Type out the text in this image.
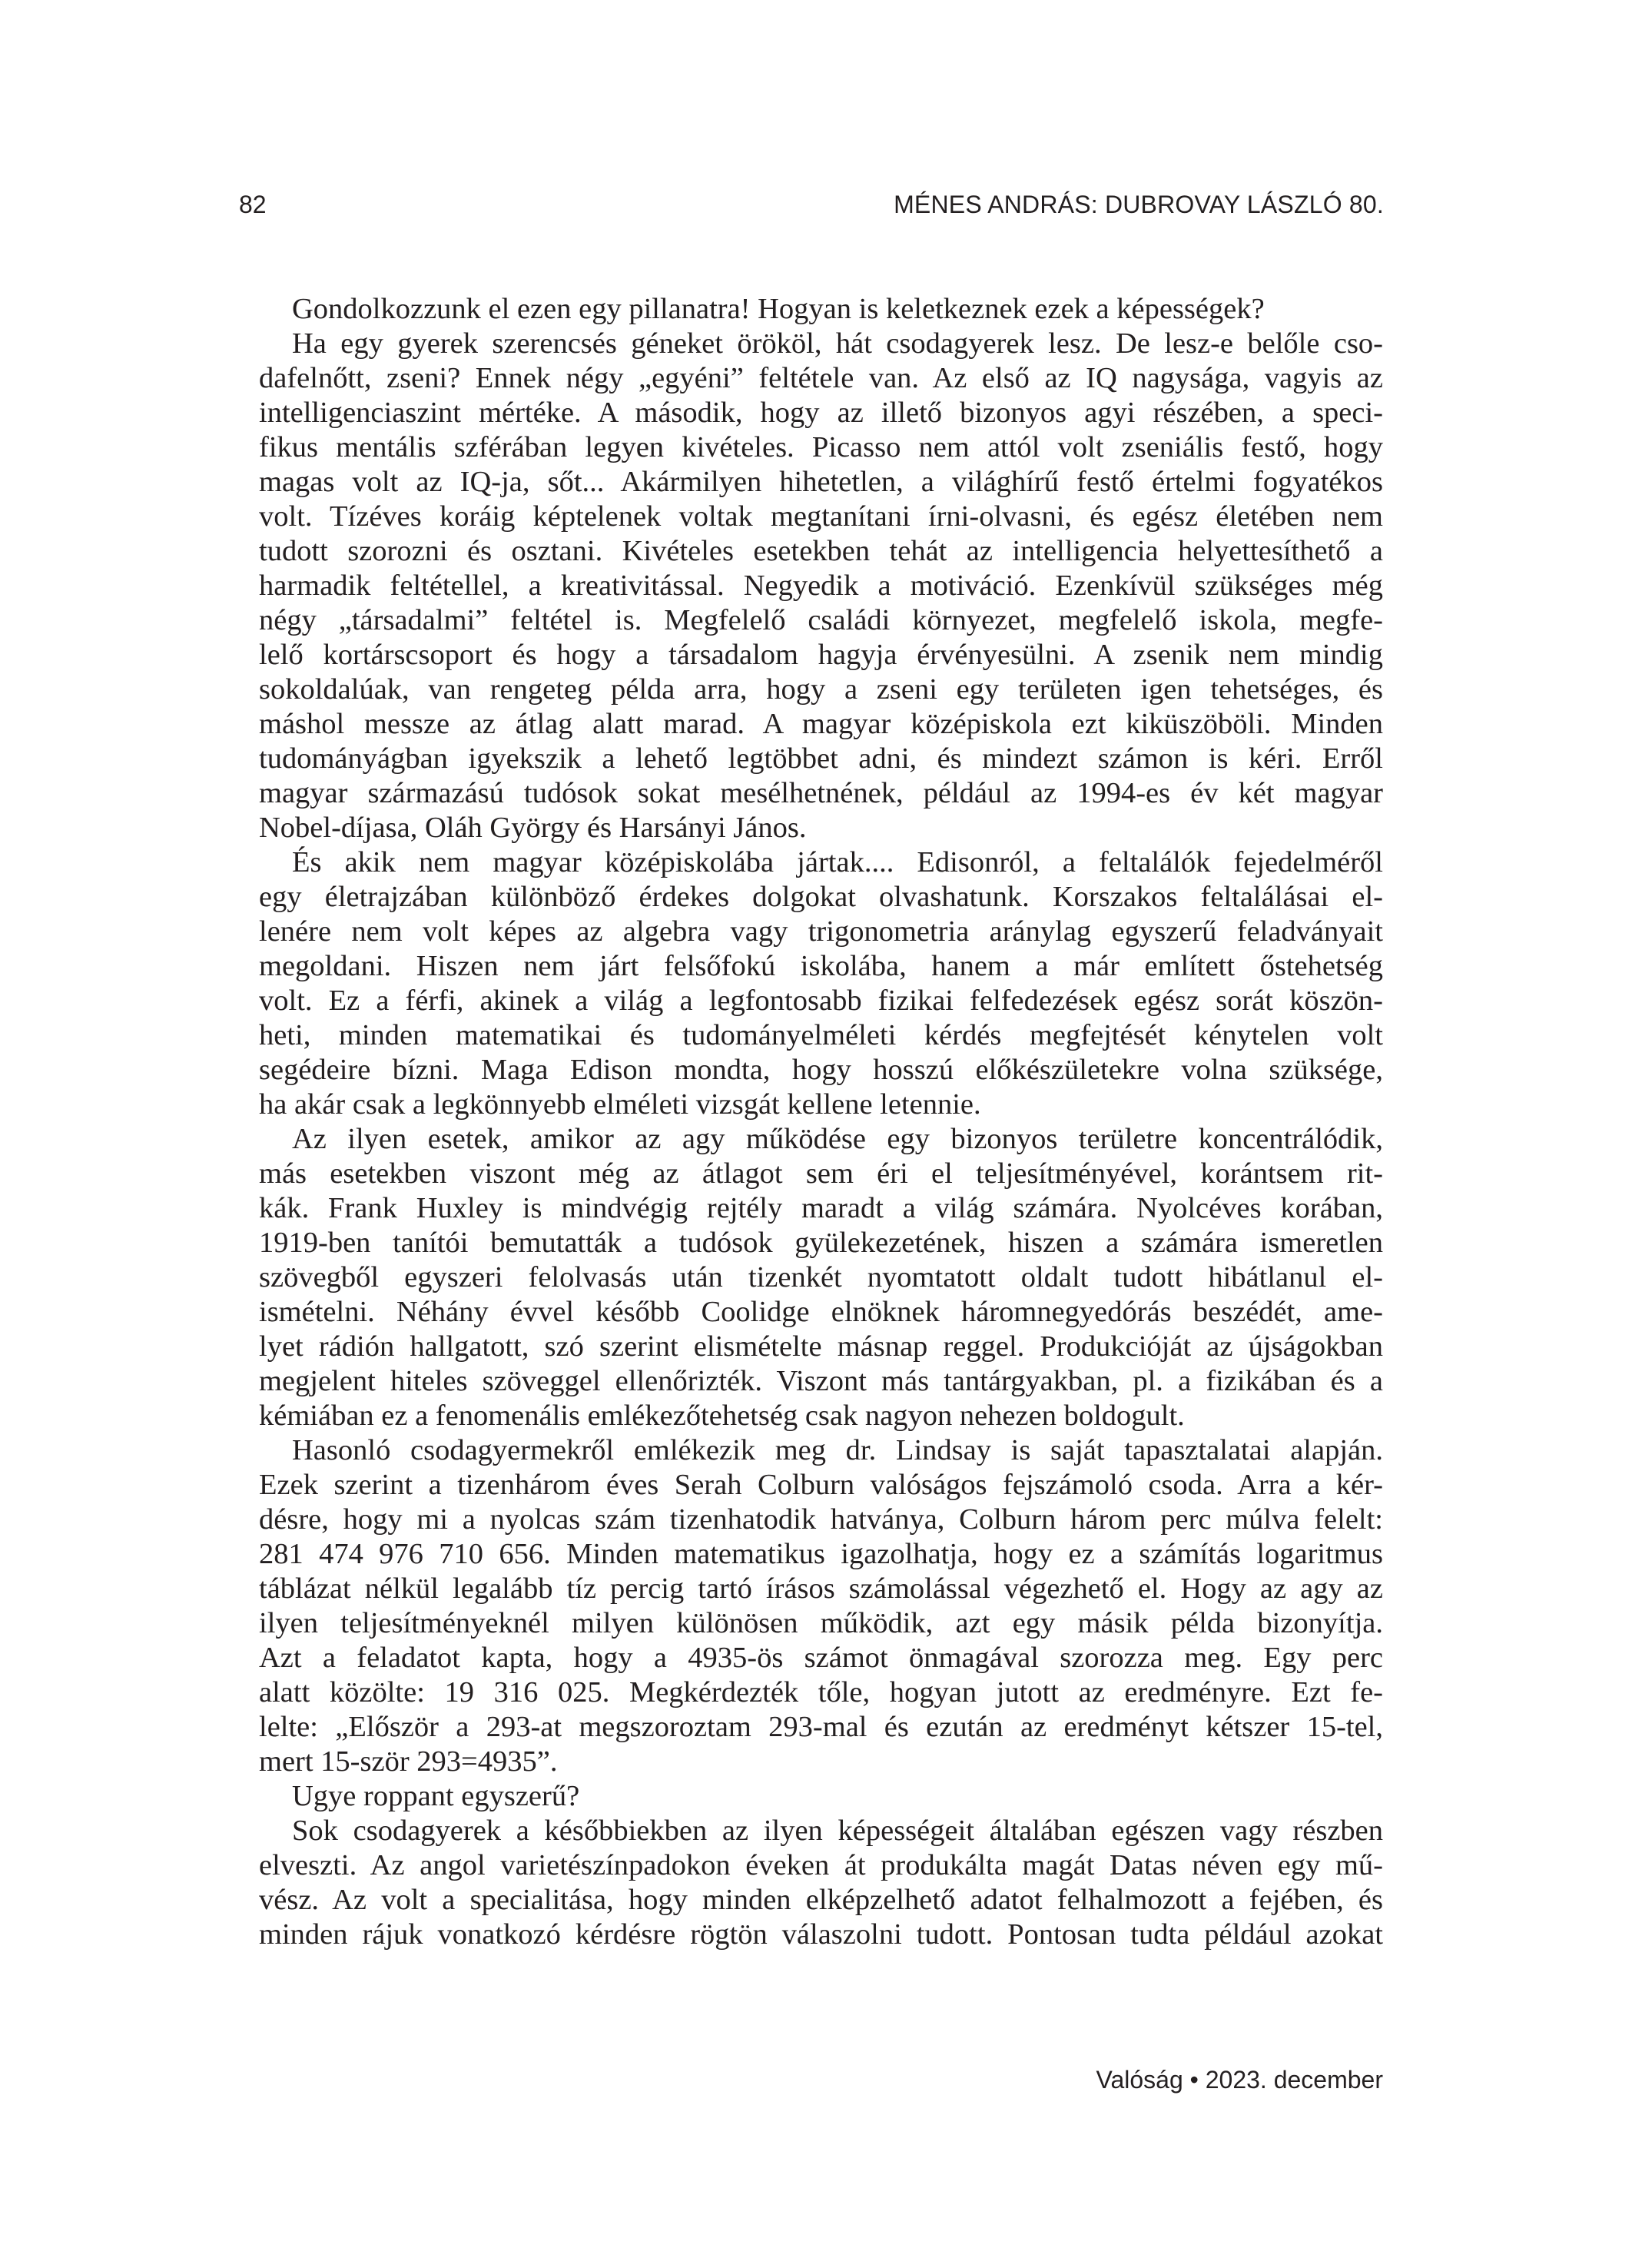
82	MÉNES ANDRÁS: DUBROVAY LÁSZLÓ 80.
Gondolkozzunk el ezen egy pillanatra! Hogyan is keletkeznek ezek a képességek?
Ha egy gyerek szerencsés géneket örököl, hát csodagyerek lesz. De lesz-e belőle cso-
dafelnőtt, zseni? Ennek négy „egyéni” feltétele van. Az első az IQ nagysága, vagyis az
intelligenciaszint mértéke. A második, hogy az illető bizonyos agyi részében, a speci-
fikus mentális szférában legyen kivételes. Picasso nem attól volt zseniális festő, hogy
magas volt az IQ-ja, sőt... Akármilyen hihetetlen, a világhírű festő értelmi fogyatékos
volt. Tízéves koráig képtelenek voltak megtanítani írni-olvasni, és egész életében nem
tudott szorozni és osztani. Kivételes esetekben tehát az intelligencia helyettesíthető a
harmadik feltétellel, a kreativitással. Negyedik a motiváció. Ezenkívül szükséges még
négy „társadalmi” feltétel is. Megfelelő családi környezet, megfelelő iskola, megfe-
lelő kortárscsoport és hogy a társadalom hagyja érvényesülni. A zsenik nem mindig
sokoldalúak, van rengeteg példa arra, hogy a zseni egy területen igen tehetséges, és
máshol messze az átlag alatt marad. A magyar középiskola ezt kiküszöböli. Minden
tudományágban igyekszik a lehető legtöbbet adni, és mindezt számon is kéri. Erről
magyar származású tudósok sokat mesélhetnének, például az 1994-es év két magyar
Nobel-díjasa, Oláh György és Harsányi János.
És akik nem magyar középiskolába jártak.... Edisonról, a feltalálók fejedelméről
egy életrajzában különböző érdekes dolgokat olvashatunk. Korszakos feltalálásai el-
lenére nem volt képes az algebra vagy trigonometria aránylag egyszerű feladványait
megoldani. Hiszen nem járt felsőfokú iskolába, hanem a már említett őstehetség
volt. Ez a férfi, akinek a világ a legfontosabb fizikai felfedezések egész sorát köszön-
heti, minden matematikai és tudományelméleti kérdés megfejtését kénytelen volt
segédeire bízni. Maga Edison mondta, hogy hosszú előkészületekre volna szüksége,
ha akár csak a legkönnyebb elméleti vizsgát kellene letennie.
Az ilyen esetek, amikor az agy működése egy bizonyos területre koncentrálódik,
más esetekben viszont még az átlagot sem éri el teljesítményével, korántsem rit-
kák. Frank Huxley is mindvégig rejtély maradt a világ számára. Nyolcéves korában,
1919-ben tanítói bemutatták a tudósok gyülekezetének, hiszen a számára ismeretlen
szövegből egyszeri felolvasás után tizenkét nyomtatott oldalt tudott hibátlanul el-
ismételni. Néhány évvel később Coolidge elnöknek háromnegyedórás beszédét, ame-
lyet rádión hallgatott, szó szerint elismételte másnap reggel. Produkcióját az újságokban
megjelent hiteles szöveggel ellenőrizték. Viszont más tantárgyakban, pl. a fizikában és a
kémiában ez a fenomenális emlékezőtehetség csak nagyon nehezen boldogult.
Hasonló csodagyermekről emlékezik meg dr. Lindsay is saját tapasztalatai alapján.
Ezek szerint a tizenhárom éves Serah Colburn valóságos fejszámoló csoda. Arra a kér-
désre, hogy mi a nyolcas szám tizenhatodik hatványa, Colburn három perc múlva felelt:
281 474 976 710 656. Minden matematikus igazolhatja, hogy ez a számítás logaritmus
táblázat nélkül legalább tíz percig tartó írásos számolással végezhető el. Hogy az agy az
ilyen teljesítményeknél milyen különösen működik, azt egy másik példa bizonyítja.
Azt a feladatot kapta, hogy a 4935-ös számot önmagával szorozza meg. Egy perc
alatt közölte: 19 316 025. Megkérdezték tőle, hogyan jutott az eredményre. Ezt fe-
lelte: „Először a 293-at megszoroztam 293-mal és ezután az eredményt kétszer 15-tel,
mert 15-ször 293=4935”.
Ugye roppant egyszerű?
Sok csodagyerek a későbbiekben az ilyen képességeit általában egészen vagy részben
elveszti. Az angol varietészínpadokon éveken át produkálta magát Datas néven egy mű-
vész. Az volt a specialitása, hogy minden elképzelhető adatot felhalmozott a fejében, és
minden rájuk vonatkozó kérdésre rögtön válaszolni tudott. Pontosan tudta például azokat
Valóság • 2023. december
